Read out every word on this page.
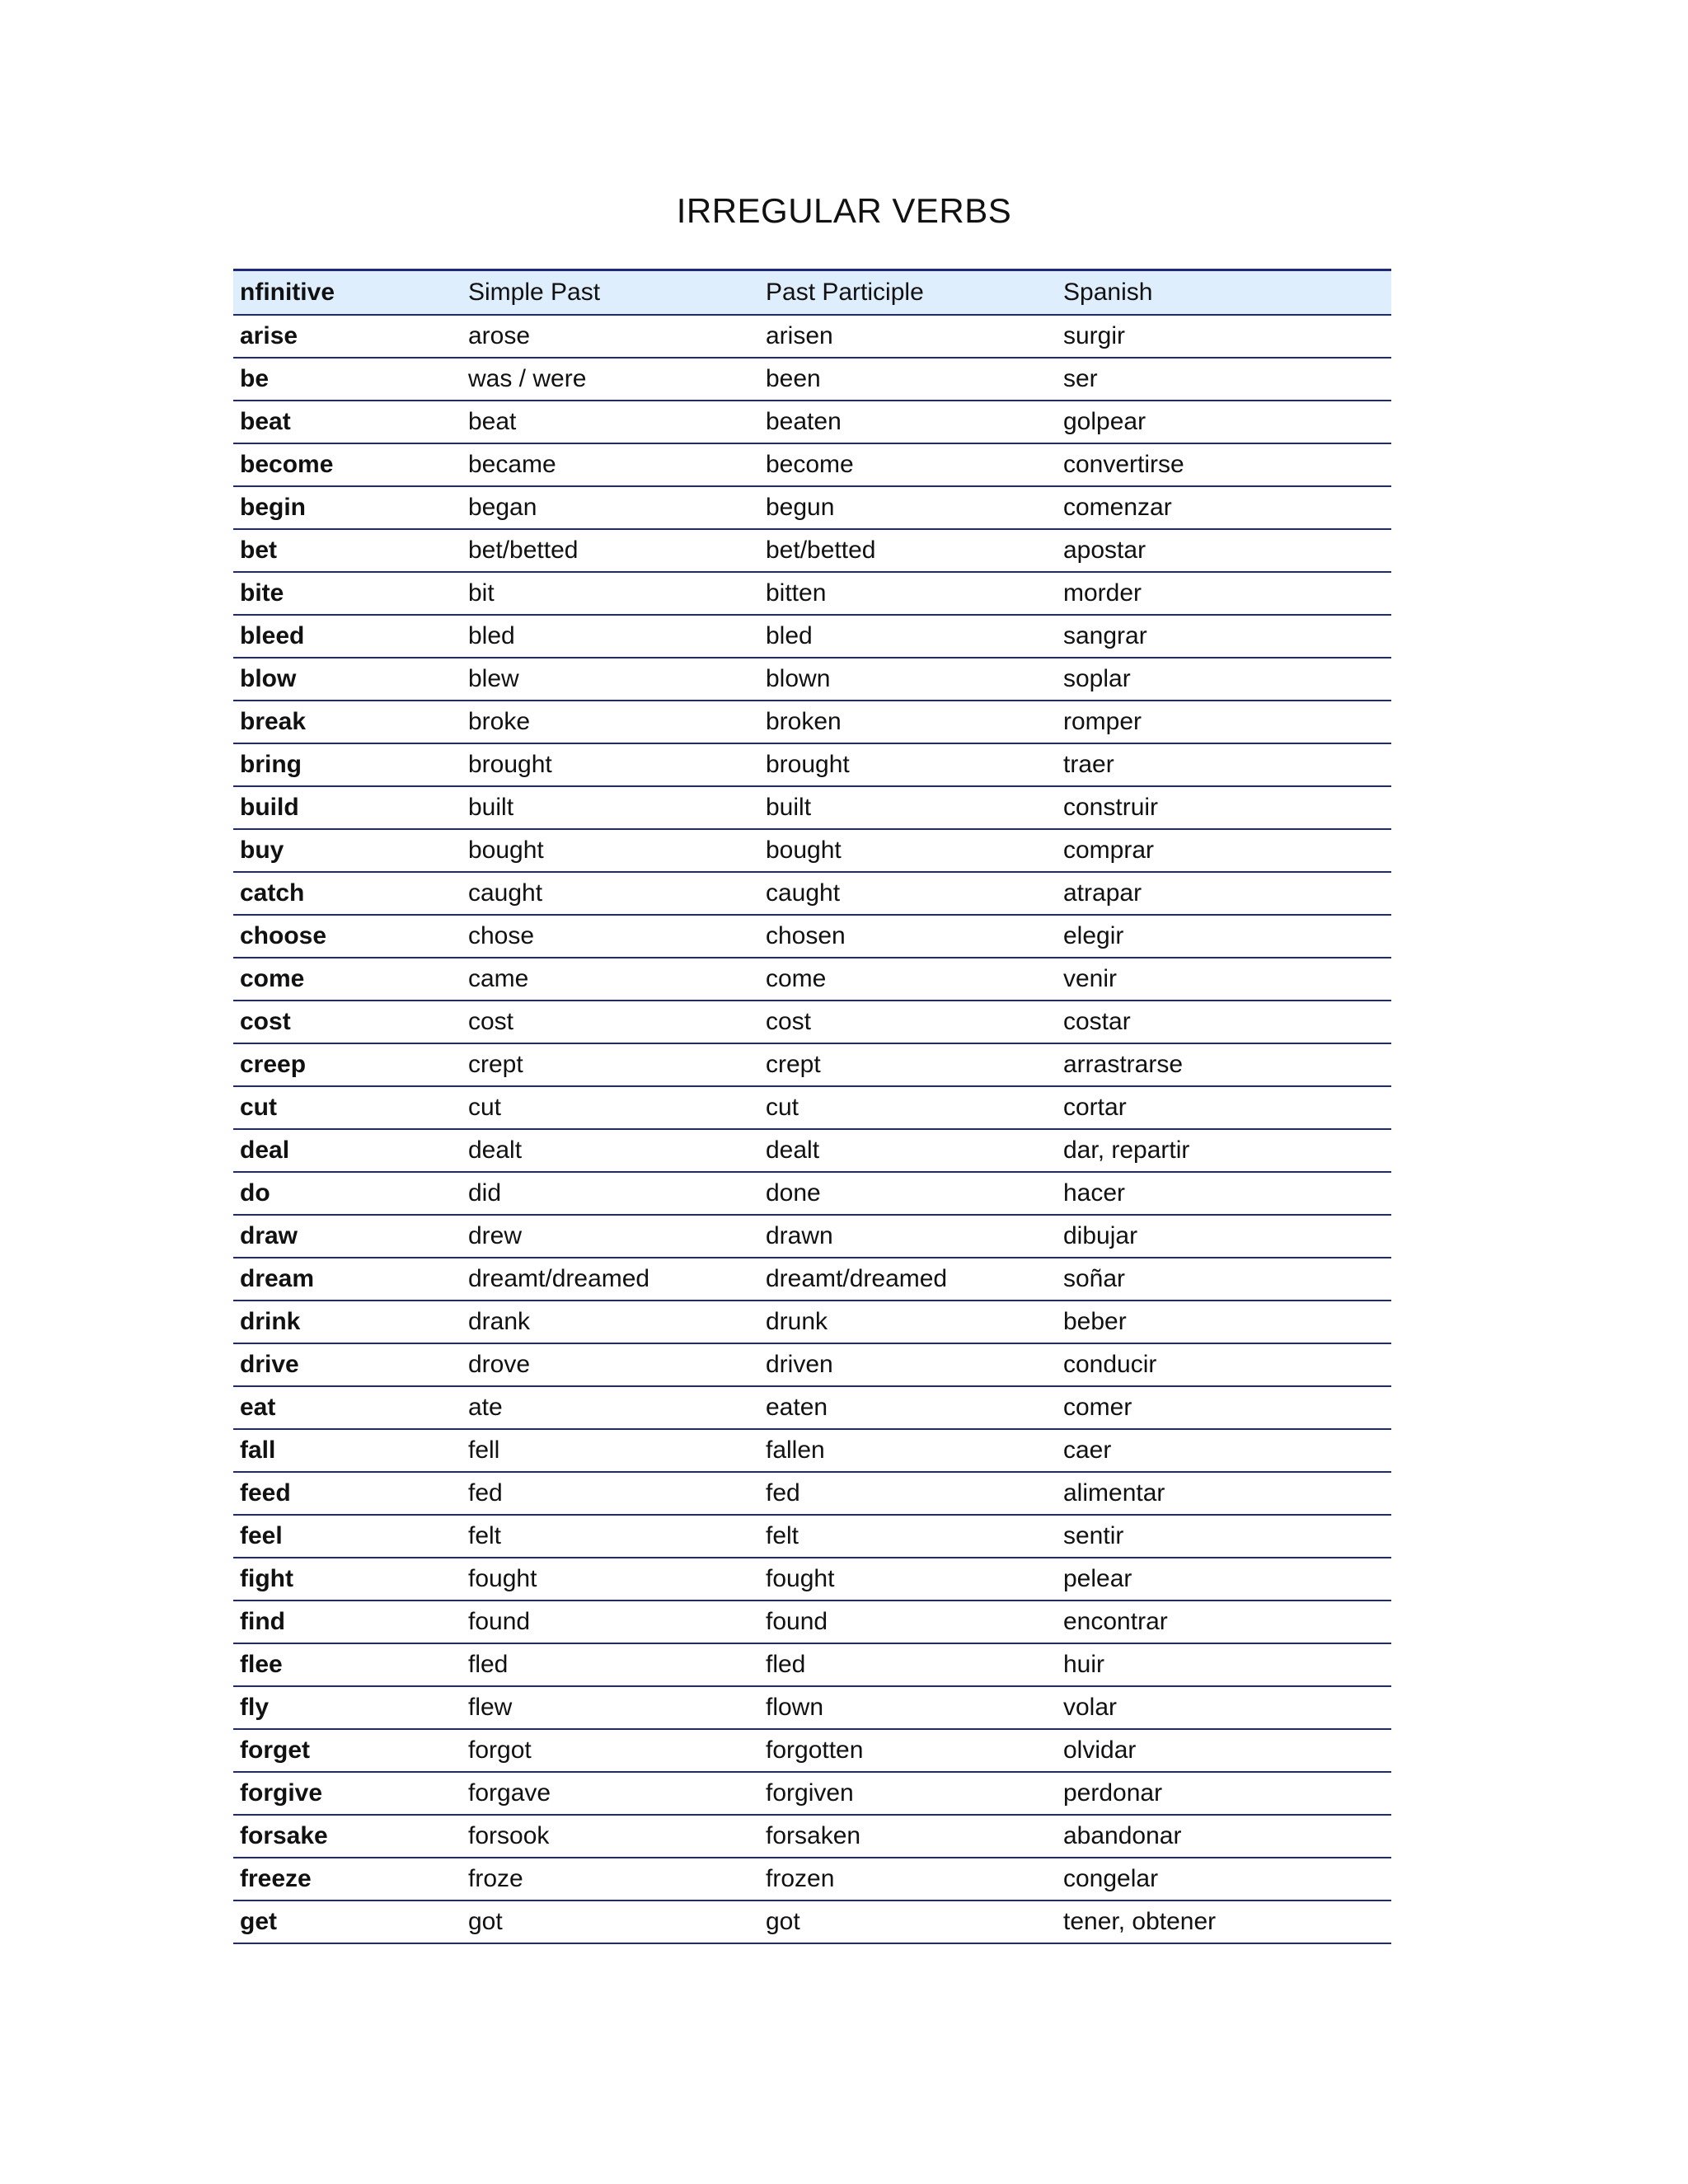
IRREGULAR VERBS
nfinitive	Simple Past	Past Participle	Spanish
arise	arose	arisen	surgir
be	was / were	been	ser
beat	beat	beaten	golpear
become	became	become	convertirse
begin	began	begun	comenzar
bet	bet/betted	bet/betted	apostar
bite	bit	bitten	morder
bleed	bled	bled	sangrar
blow	blew	blown	soplar
break	broke	broken	romper
bring	brought	brought	traer
build	built	built	construir
buy	bought	bought	comprar
catch	caught	caught	atrapar
choose	chose	chosen	elegir
come	came	come	venir
cost	cost	cost	costar
creep	crept	crept	arrastrarse
cut	cut	cut	cortar
deal	dealt	dealt	dar, repartir
do	did	done	hacer
draw	drew	drawn	dibujar
dream	dreamt/dreamed	dreamt/dreamed	soñar
drink	drank	drunk	beber
drive	drove	driven	conducir
eat	ate	eaten	comer
fall	fell	fallen	caer
feed	fed	fed	alimentar
feel	felt	felt	sentir
fight	fought	fought	pelear
find	found	found	encontrar
flee	fled	fled	huir
fly	flew	flown	volar
forget	forgot	forgotten	olvidar
forgive	forgave	forgiven	perdonar
forsake	forsook	forsaken	abandonar
freeze	froze	frozen	congelar
get	got	got	tener, obtener
